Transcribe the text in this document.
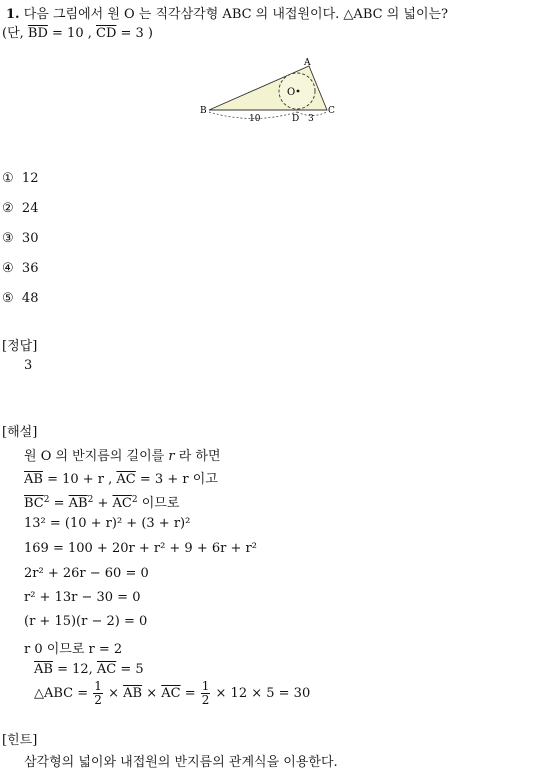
1. 다음 그림에서 원 O 는 직각삼각형 ABC 의 내접원이다. △ABC 의 넓이는?
(단, $\overline{BD} = 10$ , $\overline{CD} = 3$ )
A
B	C
D
O
10	3
① 12
② 24
③ 30
④ 36
⑤ 48
[정답]
3
[해설]
원 O 의 반지름의 길이를 r 라 하면
$\overline{AB} = 10 + r$ , $\overline{AC} = 3 + r$ 이고
$\overline{BC}^2 = \overline{AB}^2 + \overline{AC}^2$ 이므로
13² = (10 + r)² + (3 + r)²
169 = 100 + 20r + r² + 9 + 6r + r²
2r² + 26r − 60 = 0
r² + 13r − 30 = 0
(r + 15)(r − 2) = 0
r 0 이므로 r = 2
$\overline{AB} = 12$, $\overline{AC} = 5$
△ABC = $\frac{1}{2} \times \overline{AB} \times \overline{AC} = \frac{1}{2} \times 12 \times 5 = 30$
[힌트]
삼각형의 넓이와 내접원의 반지름의 관계식을 이용한다.
